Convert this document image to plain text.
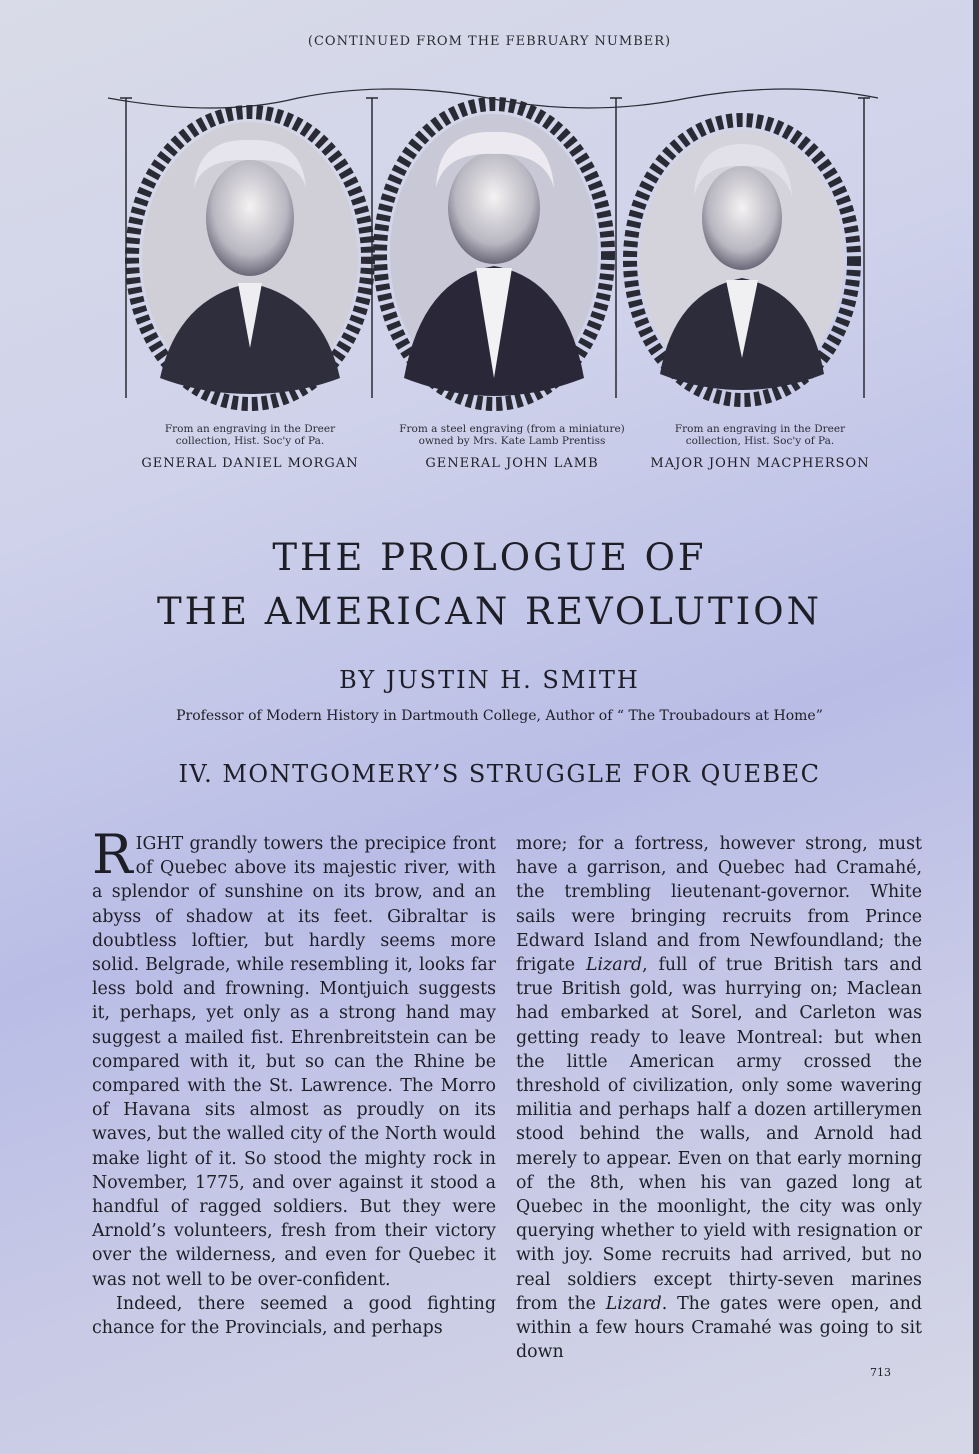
(CONTINUED FROM THE FEBRUARY NUMBER)
From an engraving in the Dreer
collection, Hist. Soc'y of Pa.
GENERAL DANIEL MORGAN
From a steel engraving (from a miniature)
owned by Mrs. Kate Lamb Prentiss
GENERAL JOHN LAMB
From an engraving in the Dreer
collection, Hist. Soc'y of Pa.
MAJOR JOHN MACPHERSON
THE PROLOGUE OF
THE AMERICAN REVOLUTION
BY JUSTIN H. SMITH
Professor of Modern History in Dartmouth College, Author of “ The Troubadours at Home”
IV. MONTGOMERY’S STRUGGLE FOR QUEBEC

RIGHT grandly towers the precipice front of Quebec above its majestic river, with a splendor of sunshine on its brow, and an abyss of shadow at its feet. Gibraltar is doubtless loftier, but hardly seems more solid. Belgrade, while resembling it, looks far less bold and frowning. Montjuich suggests it, perhaps, yet only as a strong hand may suggest a mailed fist. Ehrenbreitstein can be compared with it, but so can the Rhine be compared with the St. Lawrence. The Morro of Havana sits almost as proudly on its waves, but the walled city of the North would make light of it. So stood the mighty rock in November, 1775, and over against it stood a handful of ragged soldiers. But they were Arnold’s volunteers, fresh from their victory over the wilderness, and even for Quebec it was not well to be over-confident.

Indeed, there seemed a good fighting chance for the Provincials, and perhaps

more; for a fortress, however strong, must have a garrison, and Quebec had Cramahé, the trembling lieutenant-governor. White sails were bringing recruits from Prince Edward Island and from Newfoundland; the frigate Lizard, full of true British tars and true British gold, was hurrying on; Maclean had embarked at Sorel, and Carleton was getting ready to leave Montreal: but when the little American army crossed the threshold of civilization, only some wavering militia and perhaps half a dozen artillerymen stood behind the walls, and Arnold had merely to appear. Even on that early morning of the 8th, when his van gazed long at Quebec in the moonlight, the city was only querying whether to yield with resignation or with joy. Some recruits had arrived, but no real soldiers except thirty-seven marines from the Lizard. The gates were open, and within a few hours Cramahé was going to sit down

713
